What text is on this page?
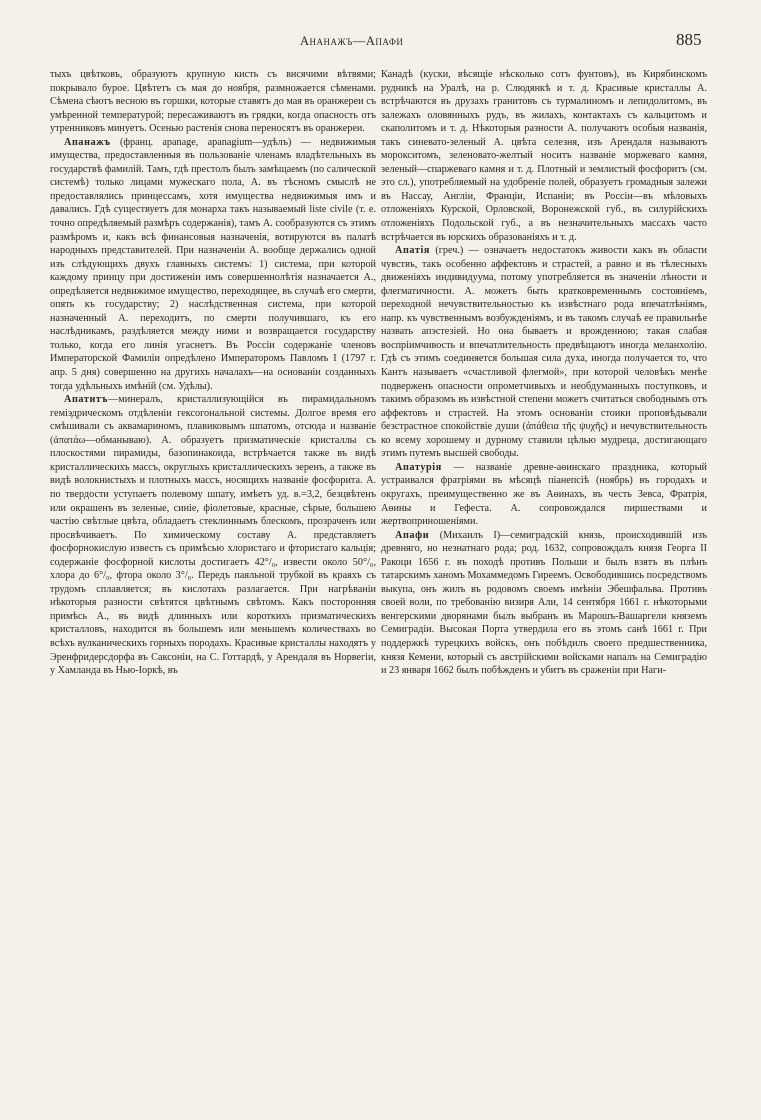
Ананажъ—Апафи	885

тыхъ цвѣтковъ, образуютъ крупную кисть съ висячими вѣтвями; покрывало бурое. Цвѣтетъ съ мая до ноября, размножается сѣменами. Сѣмена сѣютъ весною въ горшки, которые ставятъ до мая въ оранжереи съ умѣренной температурой; пересаживаютъ въ грядки, когда опасность отъ утренниковъ минуетъ. Осенью растенія снова переносятъ въ оранжереи.

Апанажъ (франц. apanage, apanagium—удѣлъ) — недвижимыя имущества, предоставленныя въ пользованіе членамъ владѣтельныхъ въ государствѣ фамилій. Тамъ, гдѣ престолъ былъ замѣщаемъ (по салической системѣ) только лицами мужескаго пола, А. въ тѣсномъ смыслѣ не предоставлялись принцессамъ, хотя имущества недвижимыя имъ и давались. Гдѣ существуетъ для монарха такъ называемый liste civile (т. е. точно опредѣляемый размѣръ содержанія), тамъ А. сообразуются съ этимъ размѣромъ и, какъ всѣ финансовыя назначенія, вотируются въ палатѣ народныхъ представителей. При назначеніи А. вообще держались одной изъ слѣдующихъ двухъ главныхъ системъ: 1) система, при которой каждому принцу при достиженіи имъ совершеннолѣтія назначается А., опредѣляется недвижимое имущество, переходящее, въ случаѣ его смерти, опять къ государству; 2) наслѣдственная система, при которой назначенный А. переходитъ, по смерти получившаго, къ его наслѣдникамъ, раздѣляется между ними и возвращается государству только, когда его линія угаснетъ. Въ Россіи содержаніе членовъ Императорской Фамиліи опредѣлено Императоромъ Павломъ I (1797 г. апр. 5 дня) совершенно на другихъ началахъ—на основаніи созданныхъ тогда удѣльныхъ имѣній (см. Удѣлы).

Апатитъ—минералъ, кристаллизующійся въ пирамидальномъ геміэдрическомъ отдѣленіи гексогональной системы. Долгое время его смѣшивали съ аквамариномъ, плавиковымъ шпатомъ, отсюда и названіе (ἀπατάω—обманываю). А. образуетъ призматическіе кристаллы съ плоскостями пирамиды, базопинакоида, встрѣчается также въ видѣ кристаллическихъ массъ, округлыхъ кристаллическихъ зеренъ, а также въ видѣ волокнистыхъ и плотныхъ массъ, носящихъ названіе фосфорита. А. по твердости уступаетъ полевому шпату, имѣетъ уд. в.=3,2, безцвѣтенъ или окрашенъ въ зеленые, синіе, фіолетовые, красные, сѣрые, большею частію свѣтлые цвѣта, обладаетъ стеклиннымъ блескомъ, прозраченъ или просвѣчиваетъ. По химическому составу А. представляетъ фосфорнокислую известь съ примѣсью хлористаго и фтористаго кальція; содержаніе фосфорной кислоты достигаетъ 42°/₀, извести около 50°/₀, хлора до 6°/₀, фтора около 3°/₀. Передъ паяльной трубкой въ краяхъ съ трудомъ сплавляется; въ кислотахъ разлагается. При нагрѣваніи нѣкоторыя разности свѣтятся цвѣтнымъ свѣтомъ. Какъ посторонняя примѣсь А., въ видѣ длинныхъ или короткихъ призматическихъ кристалловъ, находится въ большемъ или меньшемъ количествахъ во всѣхъ вулканическихъ горныхъ породахъ. Красивые кристаллы находятъ у Эренфридерсдорфа въ Саксоніи, на С. Готтардѣ, у Арендаля въ Норвегіи, у Хамланда въ Нью-Іоркѣ, въ

Канадѣ (куски, вѣсящіе нѣсколько сотъ фунтовъ), въ Кирябинскомъ рудникѣ на Уралѣ, на р. Слюдянкѣ и т. д. Красивые кристаллы А. встрѣчаются въ друзахъ гранитовъ съ турмалиномъ и лепидолитомъ, въ залежахъ оловянныхъ рудъ, въ жилахъ, контактахъ съ кальцитомъ и скаполитомъ и т. д. Нѣкоторыя разности А. получаютъ особыя названія, такъ синевато-зеленый А. цвѣта селезня, изъ Арендаля называютъ морокситомъ, зеленовато-желтый носитъ названіе моржеваго камня, зеленый—спаржеваго камня и т. д. Плотный и землистый фосфоритъ (см. это сл.), употребляемый на удобреніе полей, образуетъ громадныя залежи въ Нассау, Англіи, Франціи, Испаніи; въ Россіи—въ мѣловыхъ отложеніяхъ Курской, Орловской, Воронежской губ., въ силурійскихъ отложеніяхъ Подольской губ., а въ незначительныхъ массахъ часто встрѣчается въ юрскихъ образованіяхъ и т. д.

Апатія (греч.) — означаетъ недостатокъ живости какъ въ области чувствъ, такъ особенно аффектовъ и страстей, а равно и въ тѣлесныхъ движеніяхъ индивидуума, потому употребляется въ значеніи лѣности и флегматичности. А. можетъ быть кратковременнымъ состояніемъ, переходной нечувствительностью къ извѣстнаго рода впечатлѣніямъ, напр. къ чувственнымъ возбужденіямъ, и въ такомъ случаѣ ее правильнѣе назвать апэстезіей. Но она бываетъ и врожденною; такая слабая воспріимчивость и впечатлительность предвѣщаютъ иногда меланхолію. Гдѣ съ этимъ соединяется большая сила духа, иногда получается то, что Кантъ называетъ «счастливой флегмой», при которой человѣкъ менѣе подверженъ опасности опрометчивыхъ и необдуманныхъ поступковъ, и такимъ образомъ въ извѣстной степени можетъ считаться свободнымъ отъ аффектовъ и страстей. На этомъ основаніи стоики проповѣдывали безстрастное спокойствіе души (ἀπάθεια τῆς ψυχῆς) и нечувствительность ко всему хорошему и дурному ставили цѣлью мудреца, достигающаго этимъ путемъ высшей свободы.

Апатурія — названіе древне-аѳинскаго праздника, который устраивался фратріями въ мѣсяцѣ піанепсіѣ (ноябрь) въ городахъ и округахъ, преимущественно же въ Аѳинахъ, въ честь Зевса, Фратрія, Аѳины и Гефеста. А. сопровождался пиршествами и жертвоприношеніями.

Апафи (Михаилъ I)—семиградскій князь, происходившій изъ древняго, но незнатнаго рода; род. 1632, сопровождалъ князя Георга II Ракоци 1656 г. въ походѣ противъ Польши и былъ взятъ въ плѣнъ татарскимъ ханомъ Мохаммедомъ Гиреемъ. Освободившись посредствомъ выкупа, онъ жилъ въ родовомъ своемъ имѣніи Эбешфальва. Противъ своей воли, по требованію визиря Али, 14 сентября 1661 г. нѣкоторыми венгерскими дворянами былъ выбранъ въ Марошъ-Вашаргели княземъ Семиградіи. Высокая Порта утвердила его въ этомъ санѣ 1661 г. При поддержкѣ турецкихъ войскъ, онъ побѣдилъ своего предшественника, князя Кемени, который съ австрійскими войсками напалъ на Семиградію и 23 января 1662 былъ побѣжденъ и убитъ въ сраженіи при Наги-
